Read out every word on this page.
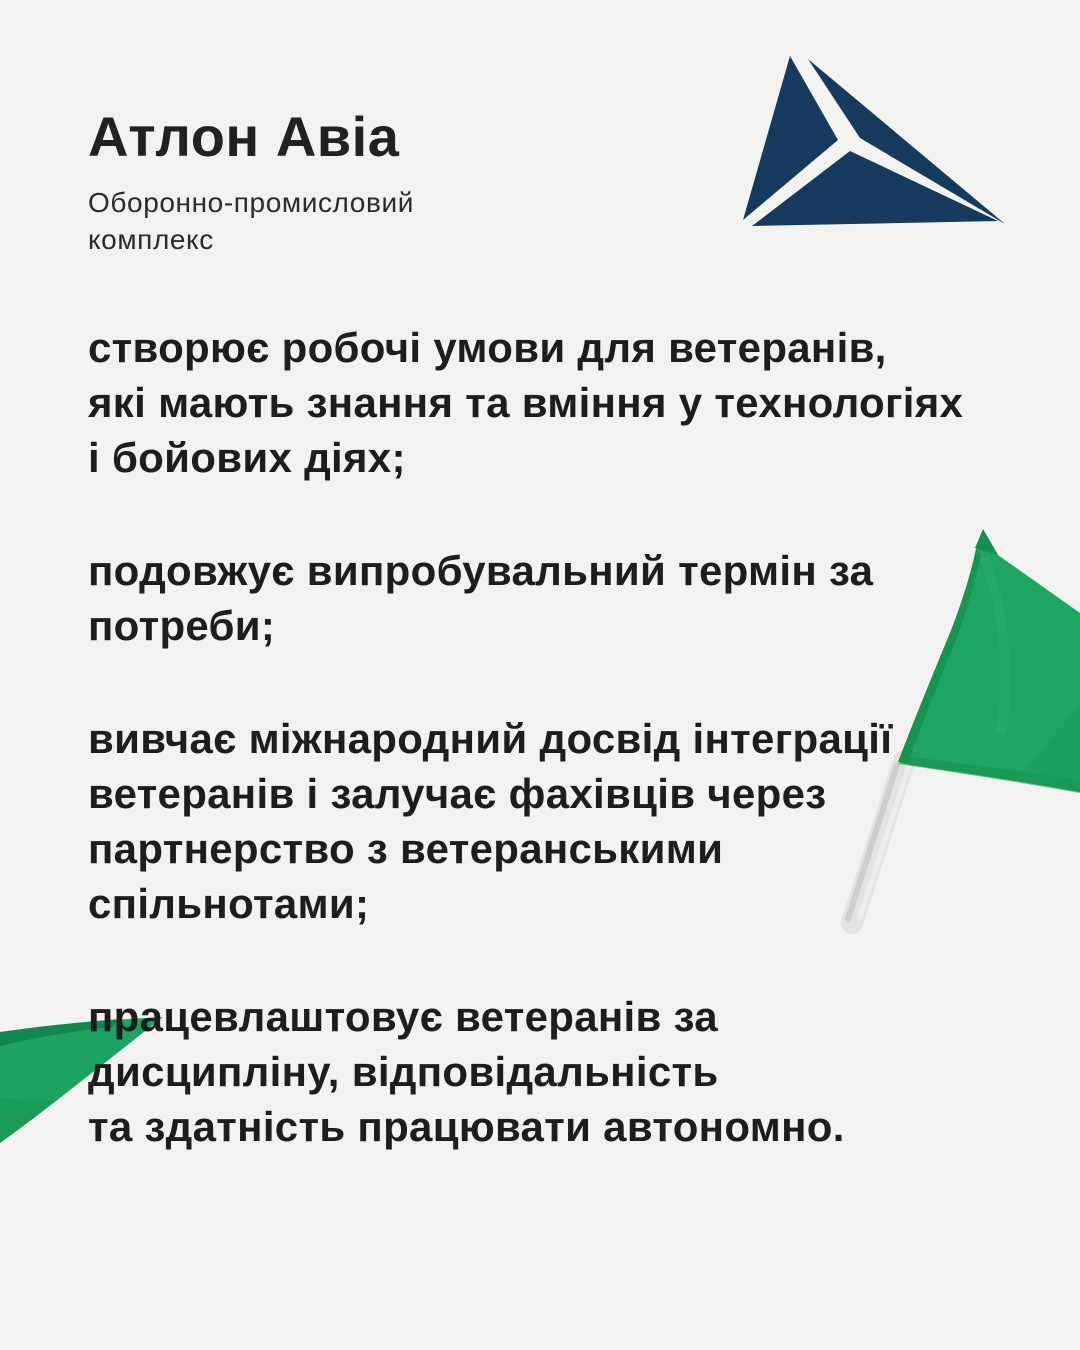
Атлон Авіа
Оборонно-промисловий
комплекс
створює робочі умови для ветеранів,
які мають знання та вміння у технологіях
і бойових діях;
подовжує випробувальний термін за
потреби;
вивчає міжнародний досвід інтеграції
ветеранів і залучає фахівців через
партнерство з ветеранськими
спільнотами;
працевлаштовує ветеранів за
дисципліну, відповідальність
та здатність працювати автономно.
